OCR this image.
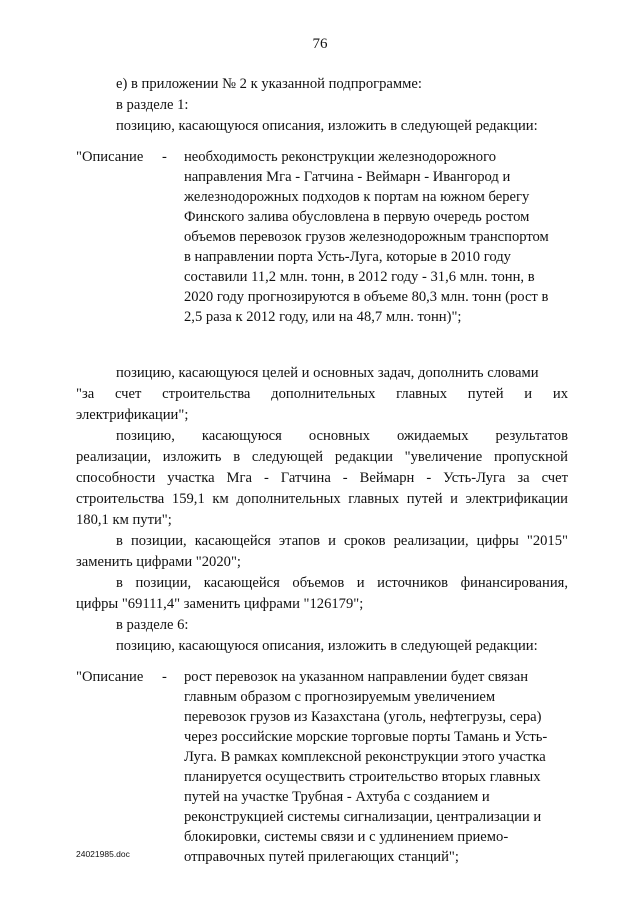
76
е) в приложении № 2 к указанной подпрограмме:
в разделе 1:
позицию, касающуюся описания, изложить в следующей редакции:
"Описание	-	необходимость реконструкции железнодорожного
направления Мга - Гатчина - Веймарн - Ивангород и
железнодорожных подходов к портам на южном берегу
Финского залива обусловлена в первую очередь ростом
объемов перевозок грузов железнодорожным транспортом
в направлении порта Усть-Луга, которые в 2010 году
составили 11,2 млн. тонн, в 2012 году - 31,6 млн. тонн, в
2020 году прогнозируются в объеме 80,3 млн. тонн (рост в
2,5 раза к 2012 году, или на 48,7 млн. тонн)";
позицию, касающуюся целей и основных задач, дополнить словами
"за счет строительства дополнительных главных путей и их
электрификации";
позицию, касающуюся основных ожидаемых результатов
реализации, изложить в следующей редакции "увеличение пропускной
способности участка Мга - Гатчина - Веймарн - Усть-Луга за счет
строительства 159,1 км дополнительных главных путей и электрификации
180,1 км пути";
в позиции, касающейся этапов и сроков реализации, цифры "2015"
заменить цифрами "2020";
в позиции, касающейся объемов и источников финансирования,
цифры "69111,4" заменить цифрами "126179";
в разделе 6:
позицию, касающуюся описания, изложить в следующей редакции:
"Описание	-	рост перевозок на указанном направлении будет связан
главным образом с прогнозируемым увеличением
перевозок грузов из Казахстана (уголь, нефтегрузы, сера)
через российские морские торговые порты Тамань и Усть-
Луга. В рамках комплексной реконструкции этого участка
планируется осуществить строительство вторых главных
путей на участке Трубная - Ахтуба с созданием и
реконструкцией системы сигнализации, централизации и
блокировки, системы связи и с удлинением приемо-
отправочных путей прилегающих станций";
24021985.doc
